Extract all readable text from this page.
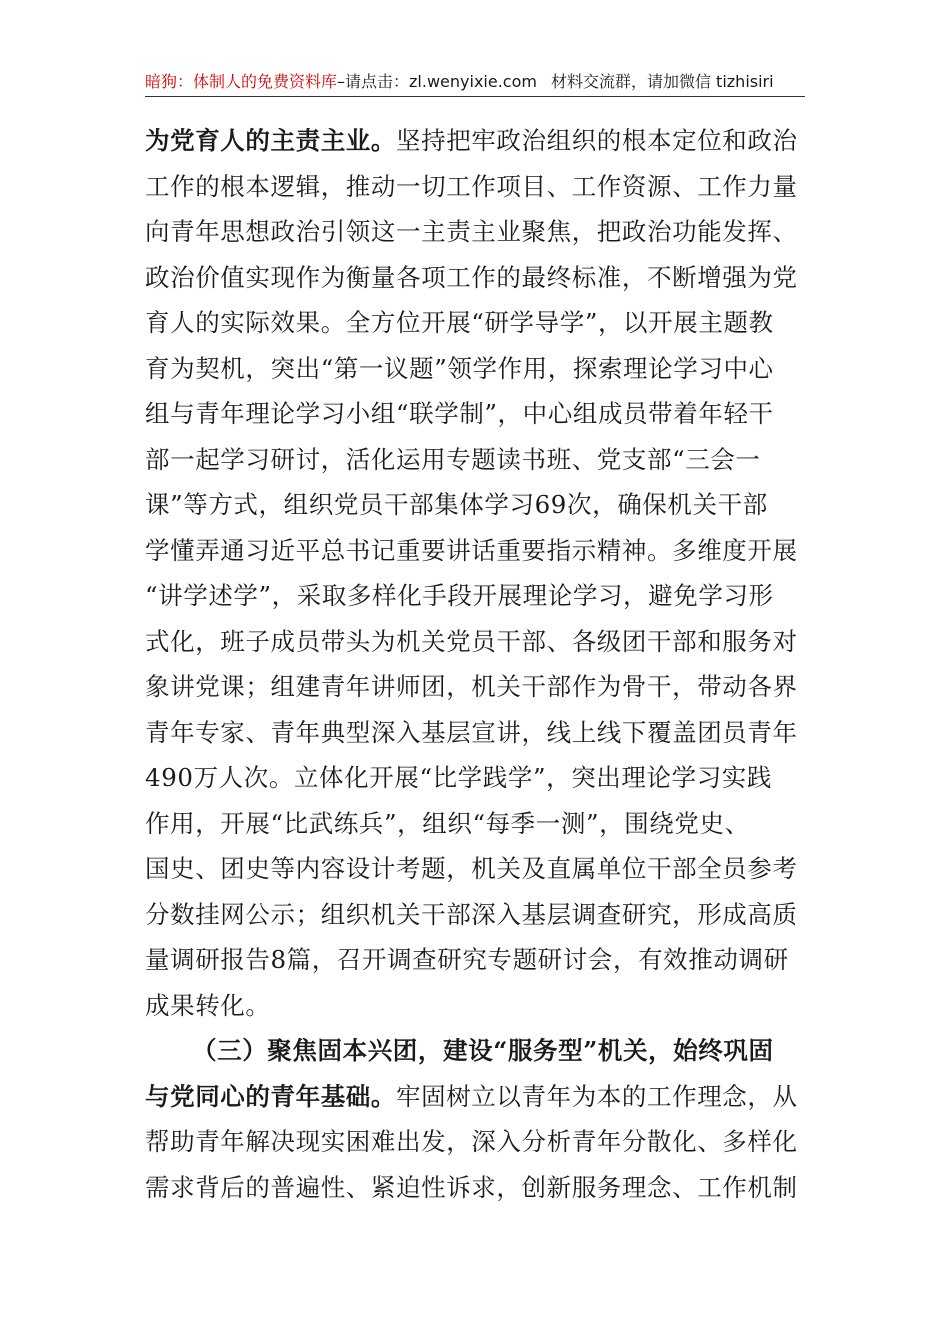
暗狗：体制人的免费资料库–请点击：zl.wenyixie.com 材料交流群，请加微信 tizhisiri

为党育人的主责主业。坚持把牢政治组织的根本定位和政治
工作的根本逻辑，推动一切工作项目、工作资源、工作力量
向青年思想政治引领这一主责主业聚焦，把政治功能发挥、
政治价值实现作为衡量各项工作的最终标准，不断增强为党
育人的实际效果。全方位开展“研学导学”，以开展主题教
育为契机，突出“第一议题”领学作用，探索理论学习中心
组与青年理论学习小组“联学制”，中心组成员带着年轻干
部一起学习研讨，活化运用专题读书班、党支部“三会一
课”等方式，组织党员干部集体学习69次，确保机关干部
学懂弄通习近平总书记重要讲话重要指示精神。多维度开展
“讲学述学”，采取多样化手段开展理论学习，避免学习形
式化，班子成员带头为机关党员干部、各级团干部和服务对
象讲党课；组建青年讲师团，机关干部作为骨干，带动各界
青年专家、青年典型深入基层宣讲，线上线下覆盖团员青年
490万人次。立体化开展“比学践学”，突出理论学习实践
作用，开展“比武练兵”，组织“每季一测”，围绕党史、
国史、团史等内容设计考题，机关及直属单位干部全员参考
分数挂网公示；组织机关干部深入基层调查研究，形成高质
量调研报告8篇，召开调查研究专题研讨会，有效推动调研
成果转化。

（三）聚焦固本兴团，建设“服务型”机关，始终巩固
与党同心的青年基础。牢固树立以青年为本的工作理念，从
帮助青年解决现实困难出发，深入分析青年分散化、多样化
需求背后的普遍性、紧迫性诉求，创新服务理念、工作机制
